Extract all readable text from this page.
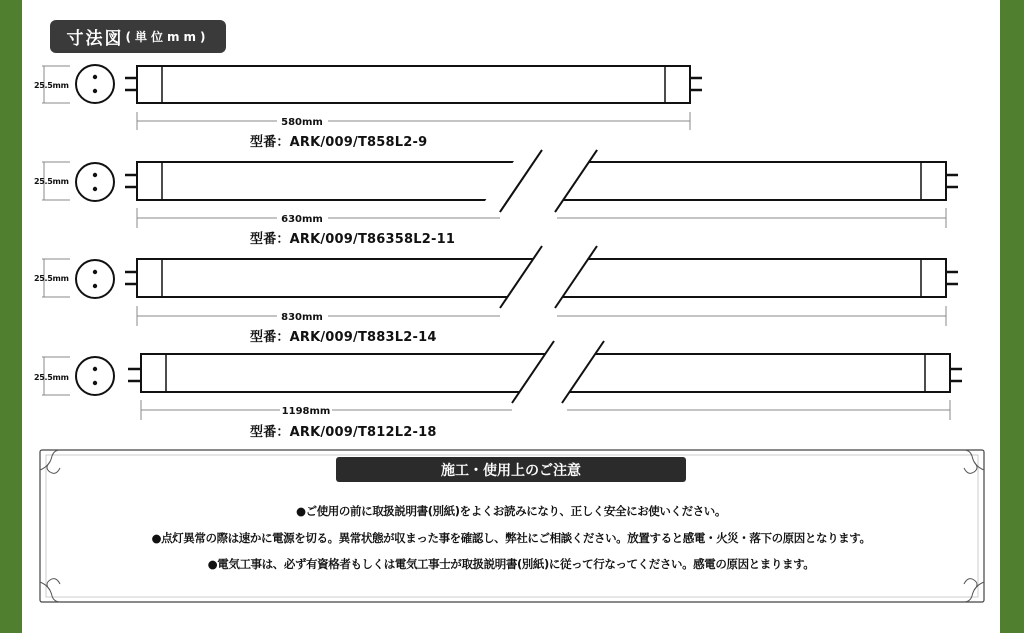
寸法図 (単位mm)
25.5mm
580mm
25.5mm
630mm
25.5mm
830mm
25.5mm
1198mm
型番：ARK/009/T858L2-9
型番：ARK/009/T86358L2-11
型番：ARK/009/T883L2-14
型番：ARK/009/T812L2-18
施工・使用上のご注意
●ご使用の前に取扱説明書(別紙)をよくお読みになり、正しく安全にお使いください。
●点灯異常の際は速かに電源を切る。異常状態が収まった事を確認し、弊社にご相談ください。放置すると感電・火災・落下の原因となります。
●電気工事は、必ず有資格者もしくは電気工事士が取扱説明書(別紙)に従って行なってください。感電の原因とまります。
